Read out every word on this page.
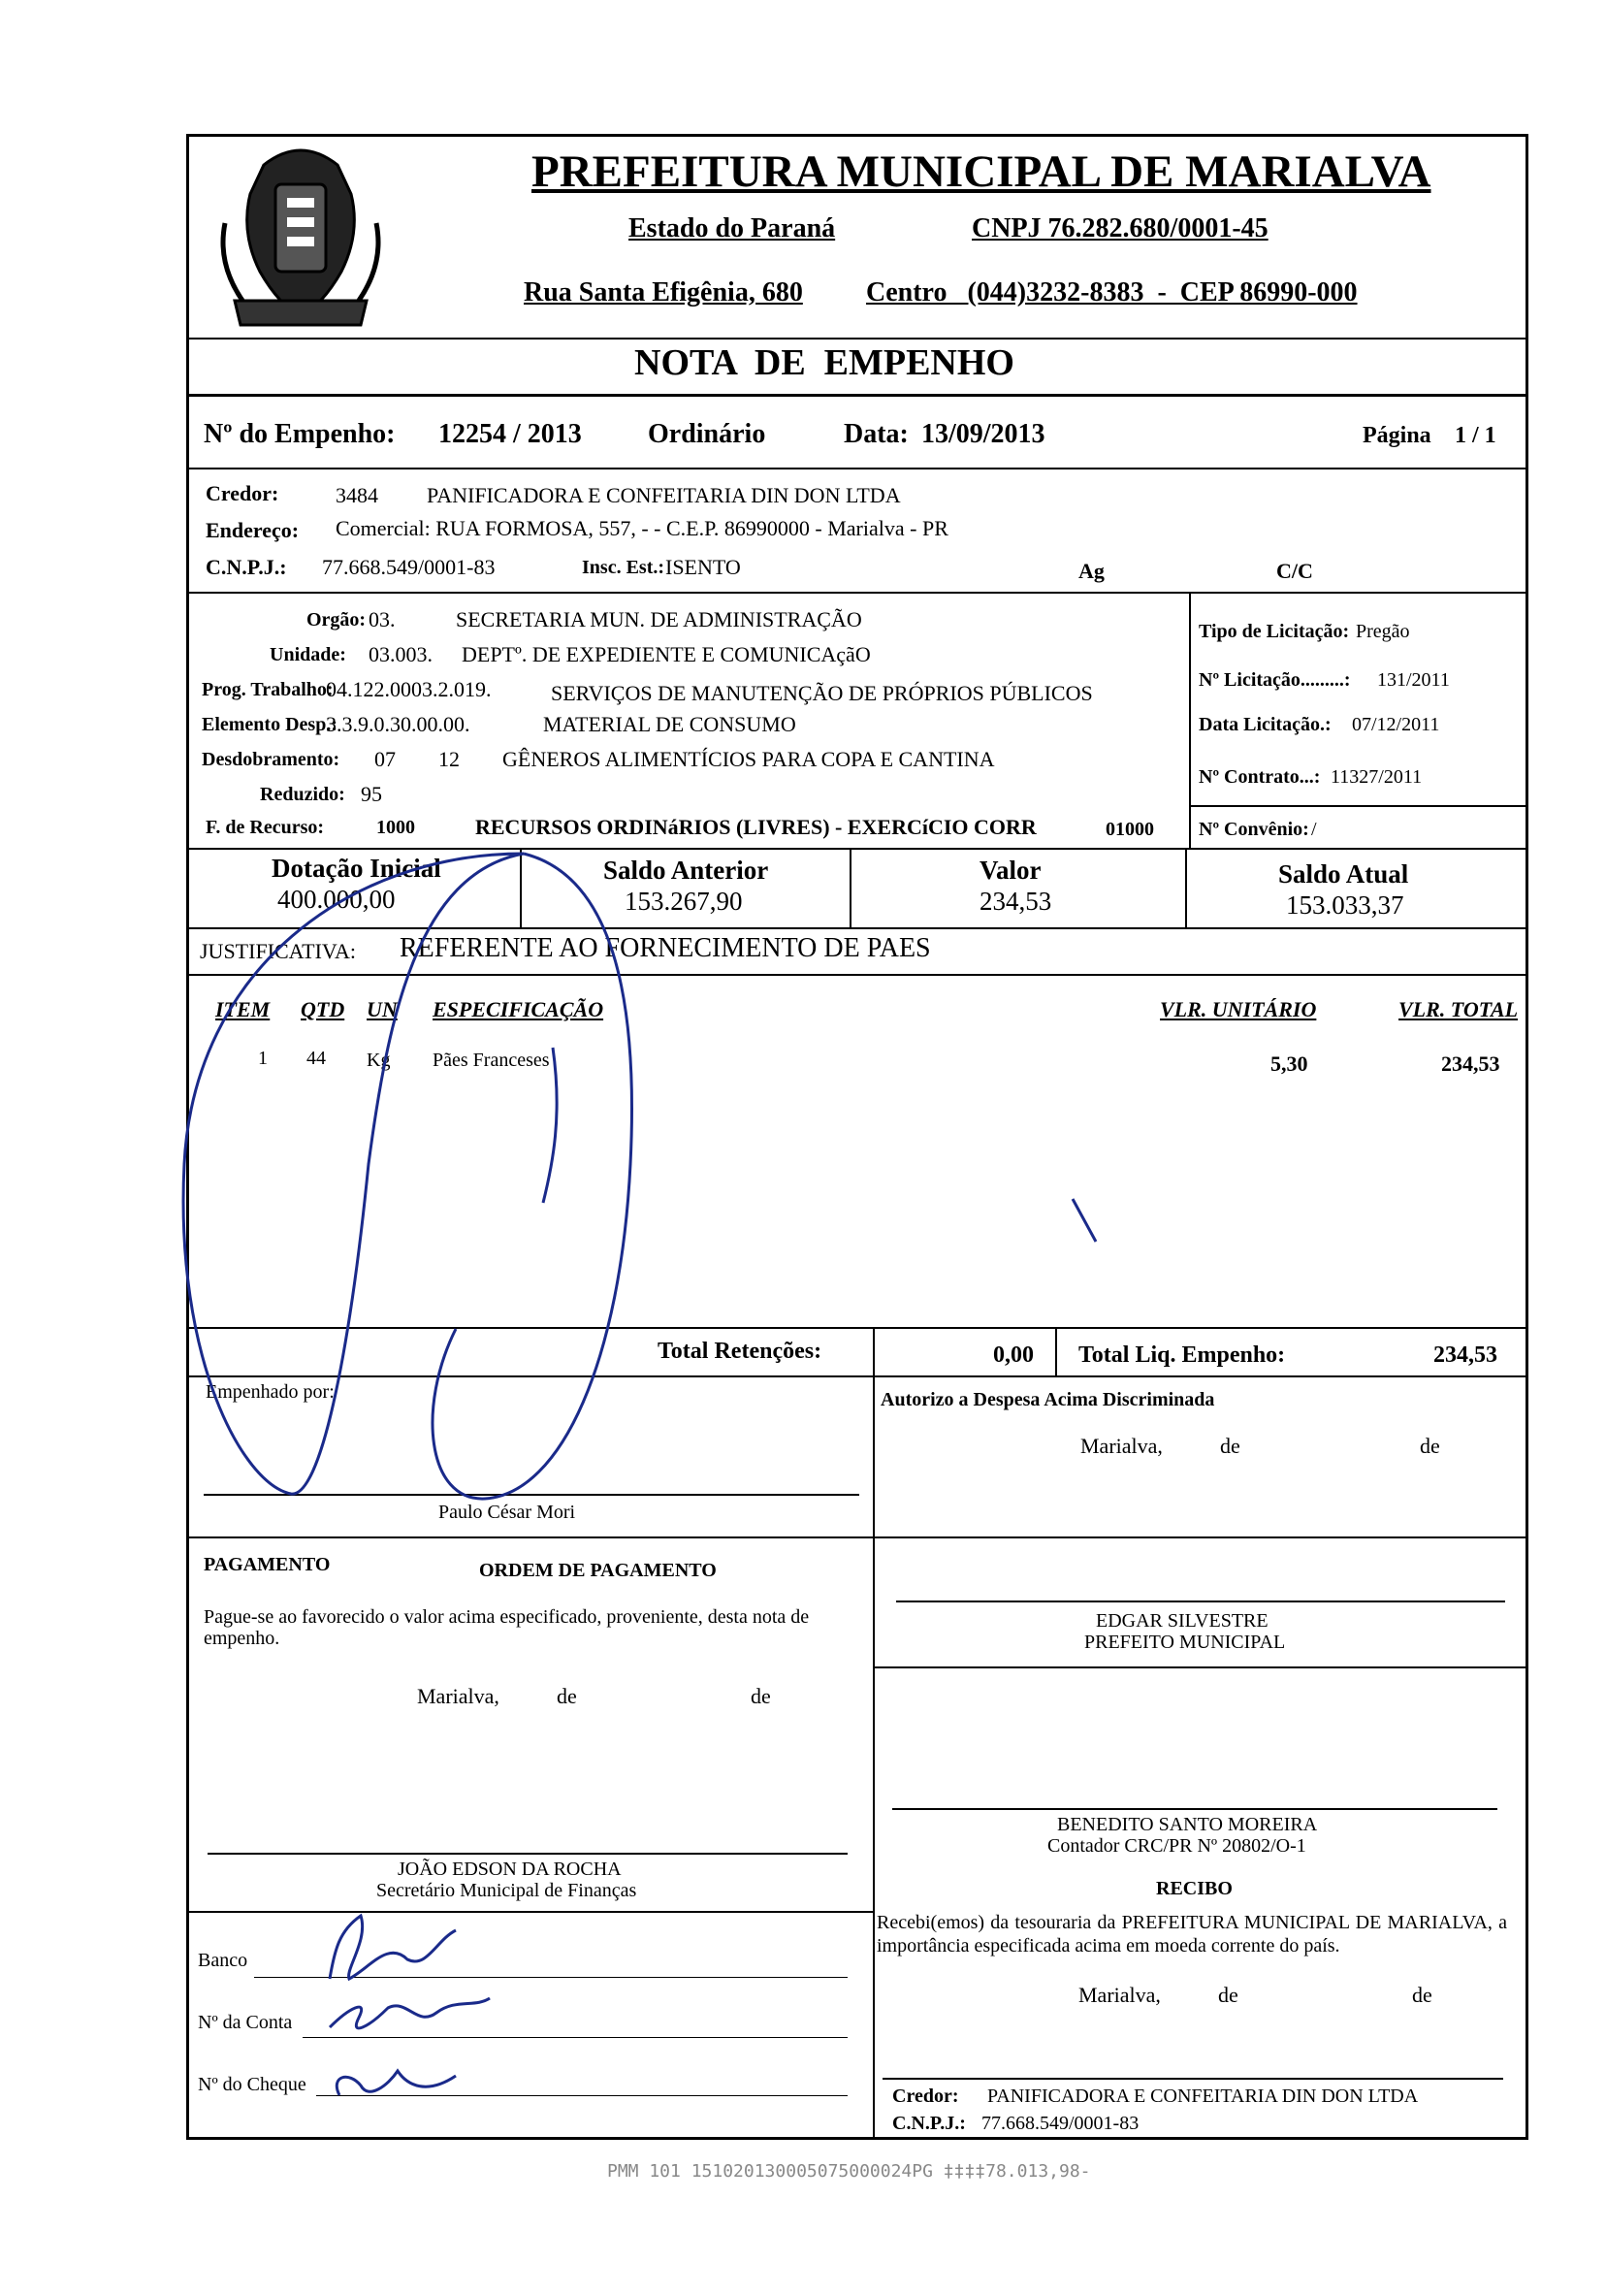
PREFEITURA MUNICIPAL DE MARIALVA
Estado do Paraná	CNPJ 76.282.680/0001-45
Rua Santa Efigênia, 680 Centro   (044)3232-8383  -  CEP 86990-000
NOTA  DE  EMPENHO
Nº do Empenho: 12254 / 2013 Ordinário	Data: 13/09/2013	Página 1 / 1
Credor:	3484 PANIFICADORA E CONFEITARIA DIN DON LTDA
Endereço: Comercial: RUA FORMOSA, 557, - - C.E.P. 86990000 - Marialva - PR
C.N.P.J.: 77.668.549/0001-83	Insc. Est.: ISENTO	Ag	C/C
Orgão: 03.	SECRETARIA MUN. DE ADMINISTRAÇÃO
Unidade: 03.003. DEPTº. DE EXPEDIENTE E COMUNICAçãO
Prog. Trabalho:
04.122.0003.2.019.	SERVIÇOS DE MANUTENÇÃO DE PRÓPRIOS PÚBLICOS
Elemento Desp.:
3.3.9.0.30.00.00.	MATERIAL DE CONSUMO
Desdobramento: 07 12 GÊNEROS ALIMENTÍCIOS PARA COPA E CANTINA
Reduzido: 95
F. de Recurso:	1000	RECURSOS ORDINáRIOS (LIVRES) - EXERCíCIO CORR	01000
Tipo de Licitação: Pregão
Nº Licitação.........: 131/2011
Data Licitação.: 07/12/2011
Nº Contrato...: 11327/2011
Nº Convênio: /
Dotação Inicial
400.000,00
Saldo Anterior
153.267,90
Valor
234,53
Saldo Atual
153.033,37
JUSTIFICATIVA: REFERENTE AO FORNECIMENTO DE PAES
ITEM QTD UN ESPECIFICAÇÃO	VLR. UNITÁRIO	VLR. TOTAL
1 44 Kg Pães Franceses	5,30	234,53
Total Retenções:	0,00 Total Liq. Empenho:	234,53
Empenhado por:
Paulo César Mori
Autorizo a Despesa Acima Discriminada
Marialva,	de	de
PAGAMENTO	ORDEM DE PAGAMENTO
Pague-se ao favorecido o valor acima especificado, proveniente, desta nota de empenho.
Marialva,	de	de
EDGAR SILVESTRE
PREFEITO MUNICIPAL
BENEDITO SANTO MOREIRA
Contador CRC/PR Nº 20802/O-1
JOÃO EDSON DA ROCHA
Secretário Municipal de Finanças	RECIBO
Recebi(emos) da tesouraria da PREFEITURA MUNICIPAL DE MARIALVA, a importância especificada acima em moeda corrente do país.
Marialva,	de	de
Credor: PANIFICADORA E CONFEITARIA DIN DON LTDA
C.N.P.J.: 77.668.549/0001-83
Banco
Nº da Conta
Nº do Cheque
PMM 101 151020130005075000024PG ‡‡‡‡78.013,98-
